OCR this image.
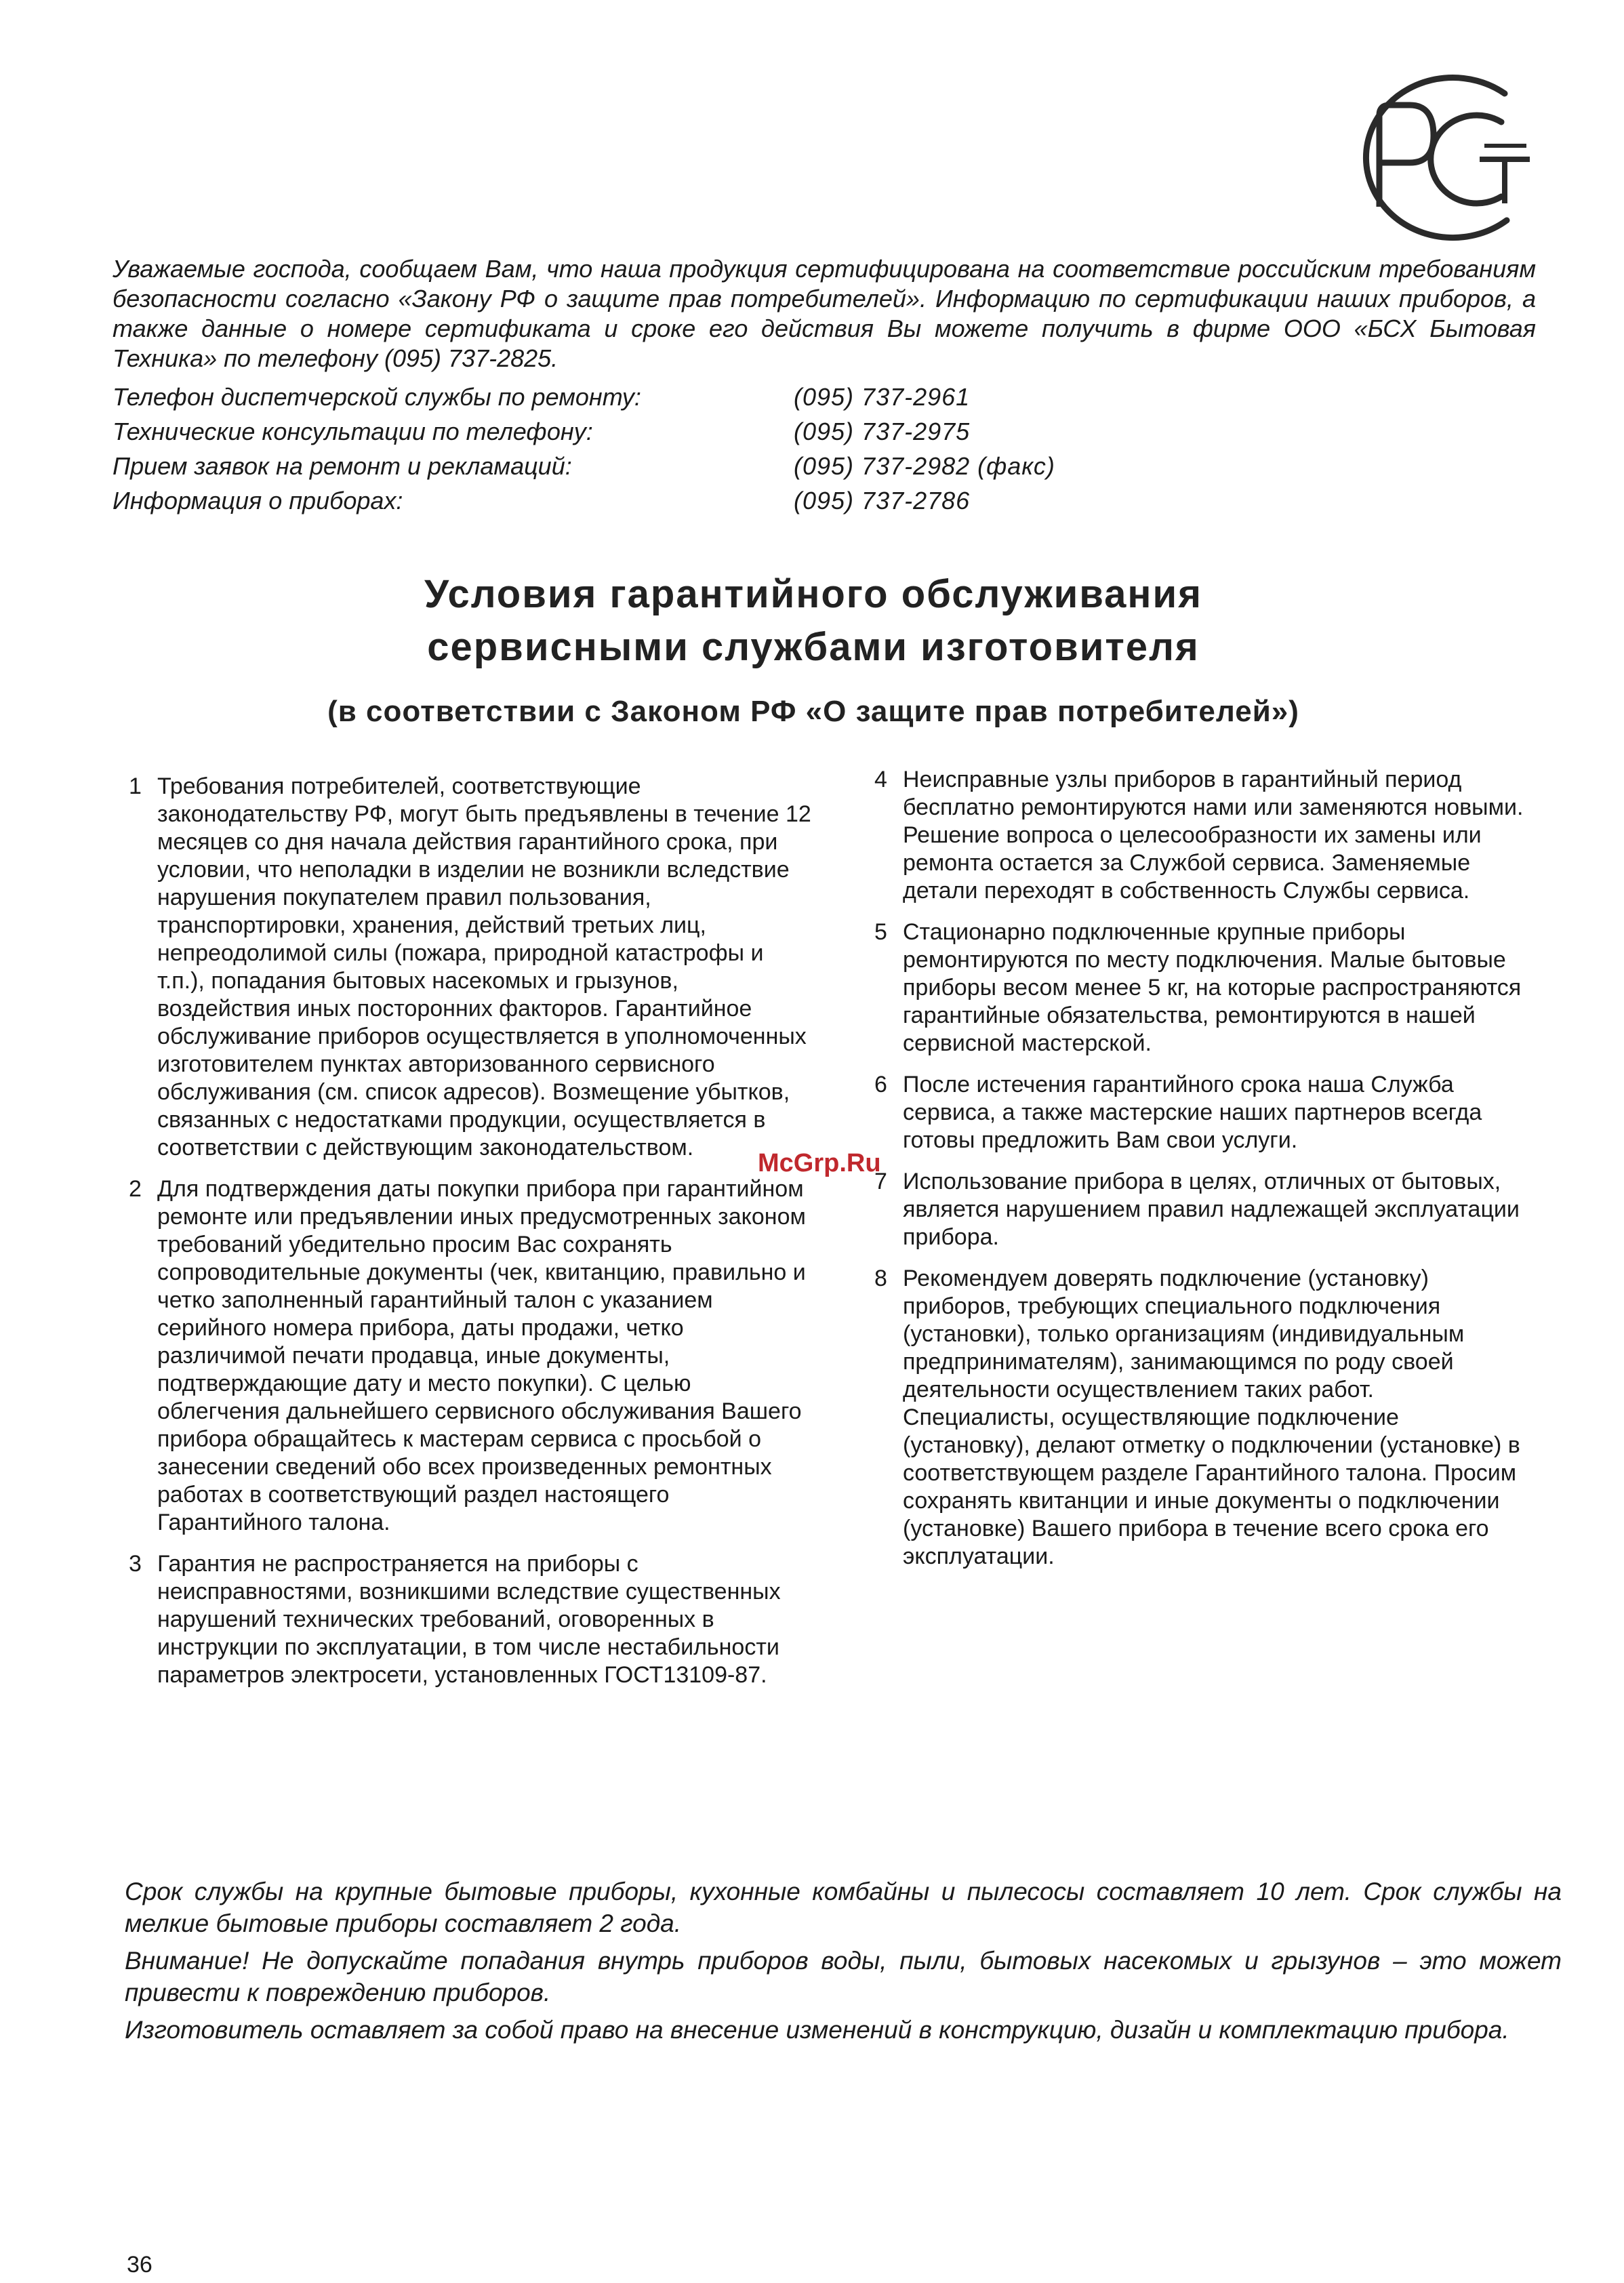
Уважаемые господа, сообщаем Вам, что наша продукция сертифицирована на соответствие российским требованиям безопасности согласно «Закону РФ о защите прав потребителей». Информацию по сертификации наших приборов, а также данные о номере сертификата и сроке его действия Вы можете получить в фирме ООО «БСХ Бытовая Техника» по телефону (095) 737-2825.
Телефон диспетчерской службы по ремонту:	(095) 737-2961
Технические консультации по телефону:	(095) 737-2975
Прием заявок на ремонт и рекламаций:	(095) 737-2982 (факс)
Информация о приборах:	(095) 737-2786
Условия гарантийного обслуживания
сервисными службами изготовителя
(в соответствии с Законом РФ «О защите прав потребителей»)
1 Требования потребителей, соответствующие законодательству РФ, могут быть предъявлены в течение 12 месяцев со дня начала действия гарантийного срока, при условии, что неполадки в изделии не возникли вследствие нарушения покупателем правил пользования, транспортировки, хранения, действий третьих лиц, непреодолимой силы (пожара, природной катастрофы и т.п.), попадания бытовых насекомых и грызунов, воздействия иных посторонних факторов. Гарантийное обслуживание приборов осуществляется в уполномоченных изготовителем пунктах авторизованного сервисного обслуживания (см. список адресов). Возмещение убытков, связанных с недостатками продукции, осуществляется в соответствии с действующим законодательством.
2 Для подтверждения даты покупки прибора при гарантийном ремонте или предъявлении иных предусмотренных законом требований убедительно просим Вас сохранять сопроводительные документы (чек, квитанцию, правильно и четко заполненный гарантийный талон с указанием серийного номера прибора, даты продажи, четко различимой печати продавца, иные документы, подтверждающие дату и место покупки). С целью облегчения дальнейшего сервисного обслуживания Вашего прибора обращайтесь к мастерам сервиса с просьбой о занесении сведений обо всех произведенных ремонтных работах в соответствующий раздел настоящего Гарантийного талона.
3 Гарантия не распространяется на приборы с неисправностями, возникшими вследствие существенных нарушений технических требований, оговоренных в инструкции по эксплуатации, в том числе нестабильности параметров электросети, установленных ГОСТ13109-87.
4 Неисправные узлы приборов в гарантийный период бесплатно ремонтируются нами или заменяются новыми. Решение вопроса о целесообразности их замены или ремонта остается за Службой сервиса. Заменяемые детали переходят в собственность Службы сервиса.
5 Стационарно подключенные крупные приборы ремонтируются по месту подключения. Малые бытовые приборы весом менее 5 кг, на которые распространяются гарантийные обязательства, ремонтируются в нашей сервисной мастерской.
6 После истечения гарантийного срока наша Служба сервиса, а также мастерские наших партнеров всегда готовы предложить Вам свои услуги.
7 Использование прибора в целях, отличных от бытовых, является нарушением правил надлежащей эксплуатации прибора.
8 Рекомендуем доверять подключение (установку) приборов, требующих специального подключения (установки), только организациям (индивидуальным предпринимателям), занимающимся по роду своей деятельности осуществлением таких работ. Специалисты, осуществляющие подключение (установку), делают отметку о подключении (установке) в соответствующем разделе Гарантийного талона. Просим сохранять квитанции и иные документы о подключении (установке) Вашего прибора в течение всего срока его эксплуатации.
McGrp.Ru

Срок службы на крупные бытовые приборы, кухонные комбайны и пылесосы составляет 10 лет. Срок службы на мелкие бытовые приборы составляет 2 года.

Внимание! Не допускайте попадания внутрь приборов воды, пыли, бытовых насекомых и грызунов – это может привести к повреждению приборов.

Изготовитель оставляет за собой право на внесение изменений в конструкцию, дизайн и комплектацию прибора.

36
